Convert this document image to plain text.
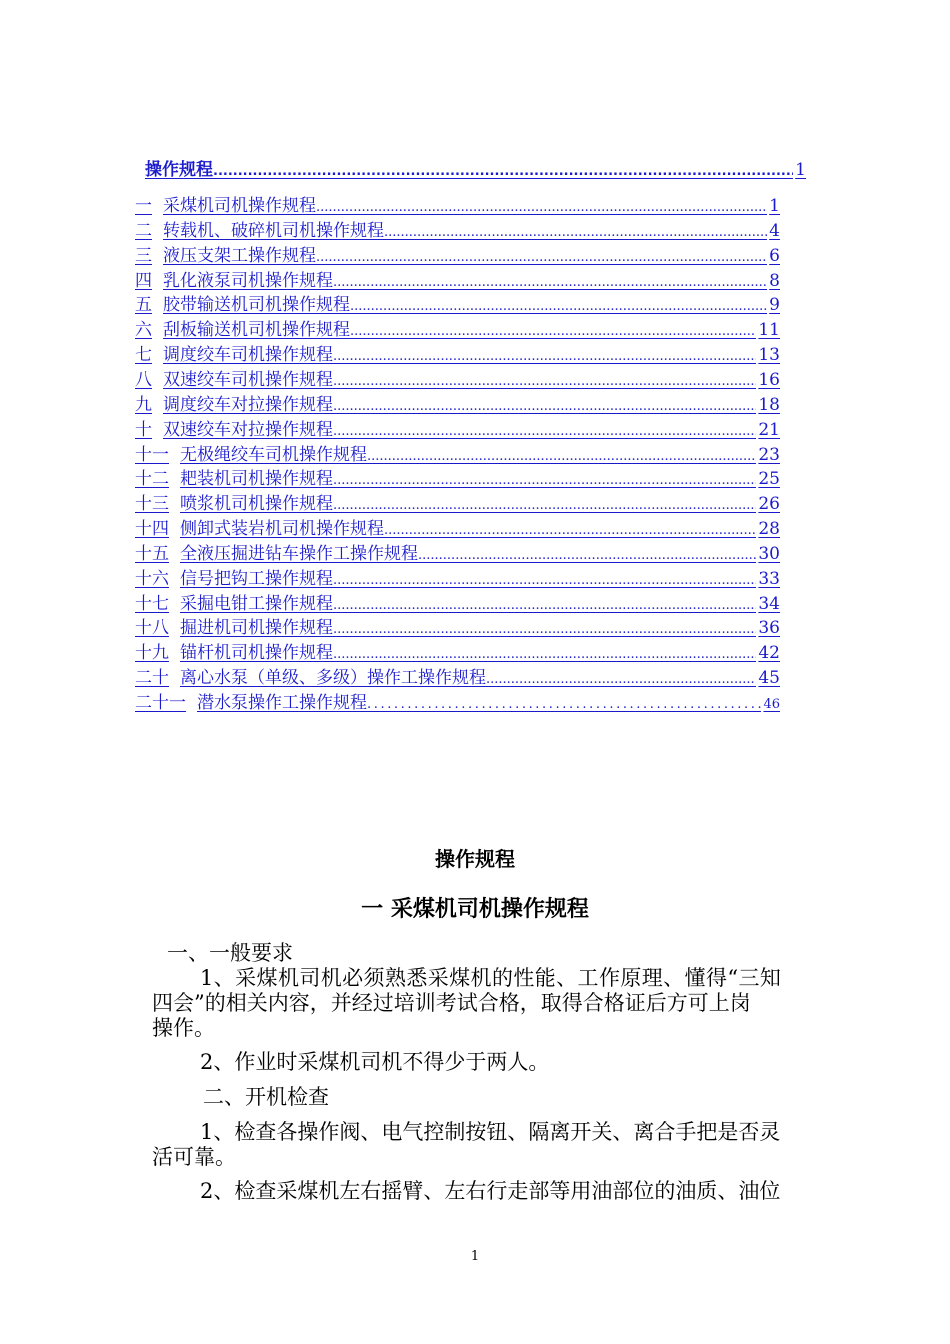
操作规程 .....	1
一 采煤机司机操作规程 .....	1
二 转载机、破碎机司机操作规程 .....	4
三 液压支架工操作规程 .....	6
四 乳化液泵司机操作规程 .....	8
五 胶带输送机司机操作规程 .....	9
六 刮板输送机司机操作规程 .....	11
七 调度绞车司机操作规程 .....	13
八 双速绞车司机操作规程 .....	16
九 调度绞车对拉操作规程 .....	18
十 双速绞车对拉操作规程 .....	21
十一 无极绳绞车司机操作规程 .....	23
十二 耙装机司机操作规程 .....	25
十三 喷浆机司机操作规程 .....	26
十四 侧卸式装岩机司机操作规程 .....	28
十五 全液压掘进钻车操作工操作规程 .....	30
十六 信号把钩工操作规程 .....	33
十七 采掘电钳工操作规程 .....	34
十八 掘进机司机操作规程 .....	36
十九 锚杆机司机操作规程 .....	42
二十 离心水泵（单级、多级）操作工操作规程 .....	45
二十一 潜水泵操作工操作规程 .....	46
操作规程
一 采煤机司机操作规程
一、一般要求
1、采煤机司机必须熟悉采煤机的性能、工作原理、懂得“三知
四会”的相关内容，并经过培训考试合格，取得合格证后方可上岗
操作。
2、作业时采煤机司机不得少于两人。
二、开机检查
1、检查各操作阀、电气控制按钮、隔离开关、离合手把是否灵
活可靠。
2、检查采煤机左右摇臂、左右行走部等用油部位的油质、油位
1
